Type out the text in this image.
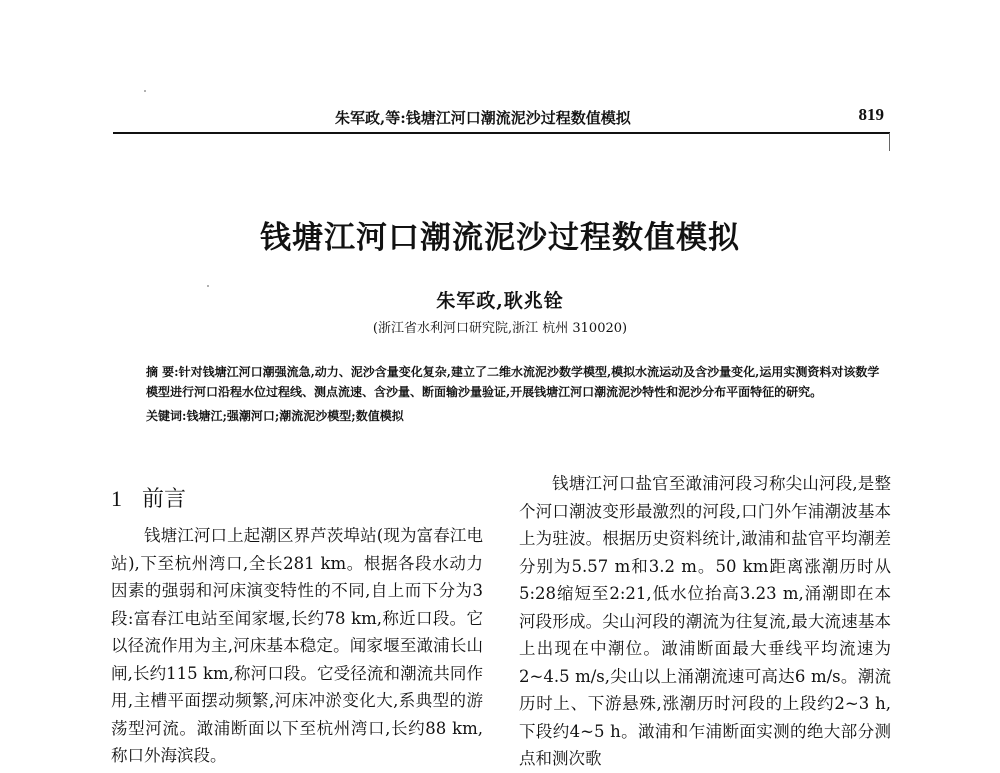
朱军政,等:钱塘江河口潮流泥沙过程数值模拟	819
钱塘江河口潮流泥沙过程数值模拟
朱军政,耿兆铨
(浙江省水利河口研究院,浙江 杭州 310020)

摘 要:针对钱塘江河口潮强流急,动力、泥沙含量变化复杂,建立了二维水流泥沙数学模型,模拟水流运动及含沙量变化,运用实测资料对该数学模型进行河口沿程水位过程线、测点流速、含沙量、断面输沙量验证,开展钱塘江河口潮流泥沙特性和泥沙分布平面特征的研究。

关键词:钱塘江;强潮河口;潮流泥沙模型;数值模拟

1 前言

钱塘江河口上起潮区界芦茨埠站(现为富春江电站),下至杭州湾口,全长281 km。根据各段水动力因素的强弱和河床演变特性的不同,自上而下分为3段:富春江电站至闻家堰,长约78 km,称近口段。它以径流作用为主,河床基本稳定。闻家堰至澉浦长山闸,长约115 km,称河口段。它受径流和潮流共同作用,主槽平面摆动频繁,河床冲淤变化大,系典型的游荡型河流。澉浦断面以下至杭州湾口,长约88 km,称口外海滨段。

钱塘江河口盐官至澉浦河段习称尖山河段,是整个河口潮波变形最激烈的河段,口门外乍浦潮波基本上为驻波。根据历史资料统计,澉浦和盐官平均潮差分别为5.57 m和3.2 m。50 km距离涨潮历时从5:28缩短至2:21,低水位抬高3.23 m,涌潮即在本河段形成。尖山河段的潮流为往复流,最大流速基本上出现在中潮位。澉浦断面最大垂线平均流速为2~4.5 m/s,尖山以上涌潮流速可高达6 m/s。潮流历时上、下游悬殊,涨潮历时河段的上段约2~3 h,下段约4~5 h。澉浦和乍浦断面实测的绝大部分测点和测次歌
